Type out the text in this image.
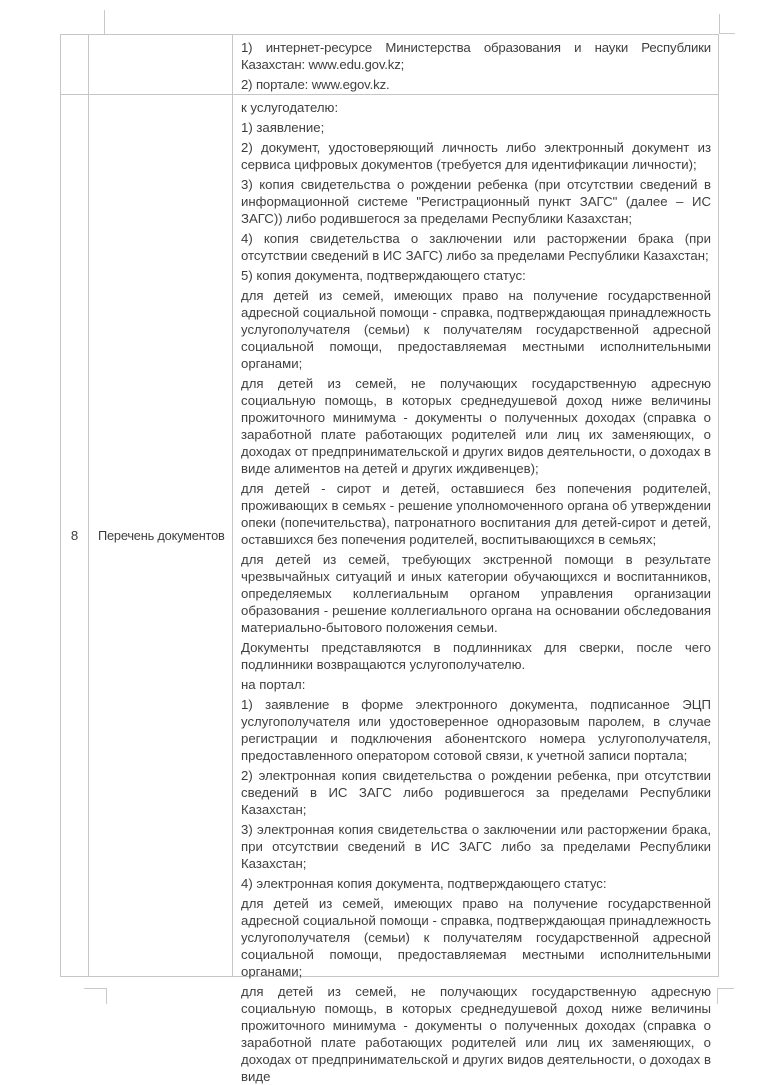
1) интернет-ресурсе Министерства образования и науки Республики Казахстан: www.edu.gov.kz;

2) портале: www.egov.kz.

8	Перечень документов

к услугодателю:

1) заявление;

2) документ, удостоверяющий личность либо электронный документ из сервиса цифровых документов (требуется для идентификации личности);

3) копия свидетельства о рождении ребенка (при отсутствии сведений в информационной системе "Регистрационный пункт ЗАГС" (далее – ИС ЗАГС)) либо родившегося за пределами Республики Казахстан;

4) копия свидетельства о заключении или расторжении брака (при отсутствии сведений в ИС ЗАГС) либо за пределами Республики Казахстан;

5) копия документа, подтверждающего статус:

для детей из семей, имеющих право на получение государственной адресной социальной помощи - справка, подтверждающая принадлежность услугополучателя (семьи) к получателям государственной адресной социальной помощи, предоставляемая местными исполнительными органами;

для детей из семей, не получающих государственную адресную социальную помощь, в которых среднедушевой доход ниже величины прожиточного минимума - документы о полученных доходах (справка о заработной плате работающих родителей или лиц их заменяющих, о доходах от предпринимательской и других видов деятельности, о доходах в виде алиментов на детей и других иждивенцев);

для детей - сирот и детей, оставшиеся без попечения родителей, проживающих в семьях - решение уполномоченного органа об утверждении опеки (попечительства), патронатного воспитания для детей-сирот и детей, оставшихся без попечения родителей, воспитывающихся в семьях;

для детей из семей, требующих экстренной помощи в результате чрезвычайных ситуаций и иных категории обучающихся и воспитанников, определяемых коллегиальным органом управления организации образования - решение коллегиального органа на основании обследования материально-бытового положения семьи.

Документы представляются в подлинниках для сверки, после чего подлинники возвращаются услугополучателю.

на портал:

1) заявление в форме электронного документа, подписанное ЭЦП услугополучателя или удостоверенное одноразовым паролем, в случае регистрации и подключения абонентского номера услугополучателя, предоставленного оператором сотовой связи, к учетной записи портала;

2) электронная копия свидетельства о рождении ребенка, при отсутствии сведений в ИС ЗАГС либо родившегося за пределами Республики Казахстан;

3) электронная копия свидетельства о заключении или расторжении брака, при отсутствии сведений в ИС ЗАГС либо за пределами Республики Казахстан;

4) электронная копия документа, подтверждающего статус:

для детей из семей, имеющих право на получение государственной адресной социальной помощи - справка, подтверждающая принадлежность услугополучателя (семьи) к получателям государственной адресной социальной помощи, предоставляемая местными исполнительными органами;

для детей из семей, не получающих государственную адресную социальную помощь, в которых среднедушевой доход ниже величины прожиточного минимума - документы о полученных доходах (справка о заработной плате работающих родителей или лиц их заменяющих, о доходах от предпринимательской и других видов деятельности, о доходах в виде
